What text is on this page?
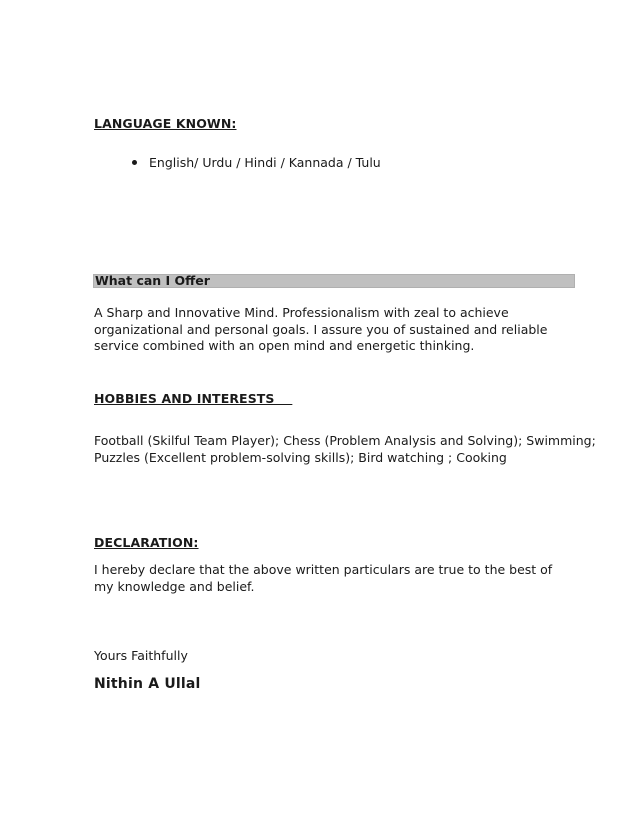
LANGUAGE KNOWN:
English/ Urdu / Hindi / Kannada / Tulu
What can I Offer
A Sharp and Innovative Mind. Professionalism with zeal to achieve organizational and personal goals. I assure you of sustained and reliable service combined with an open mind and energetic thinking.
HOBBIES AND INTERESTS
Football (Skilful Team Player); Chess (Problem Analysis and Solving); Swimming;
Puzzles (Excellent problem-solving skills); Bird watching ; Cooking
DECLARATION:
I hereby declare that the above written particulars are true to the best of my knowledge and belief.
Yours Faithfully
Nithin A Ullal
